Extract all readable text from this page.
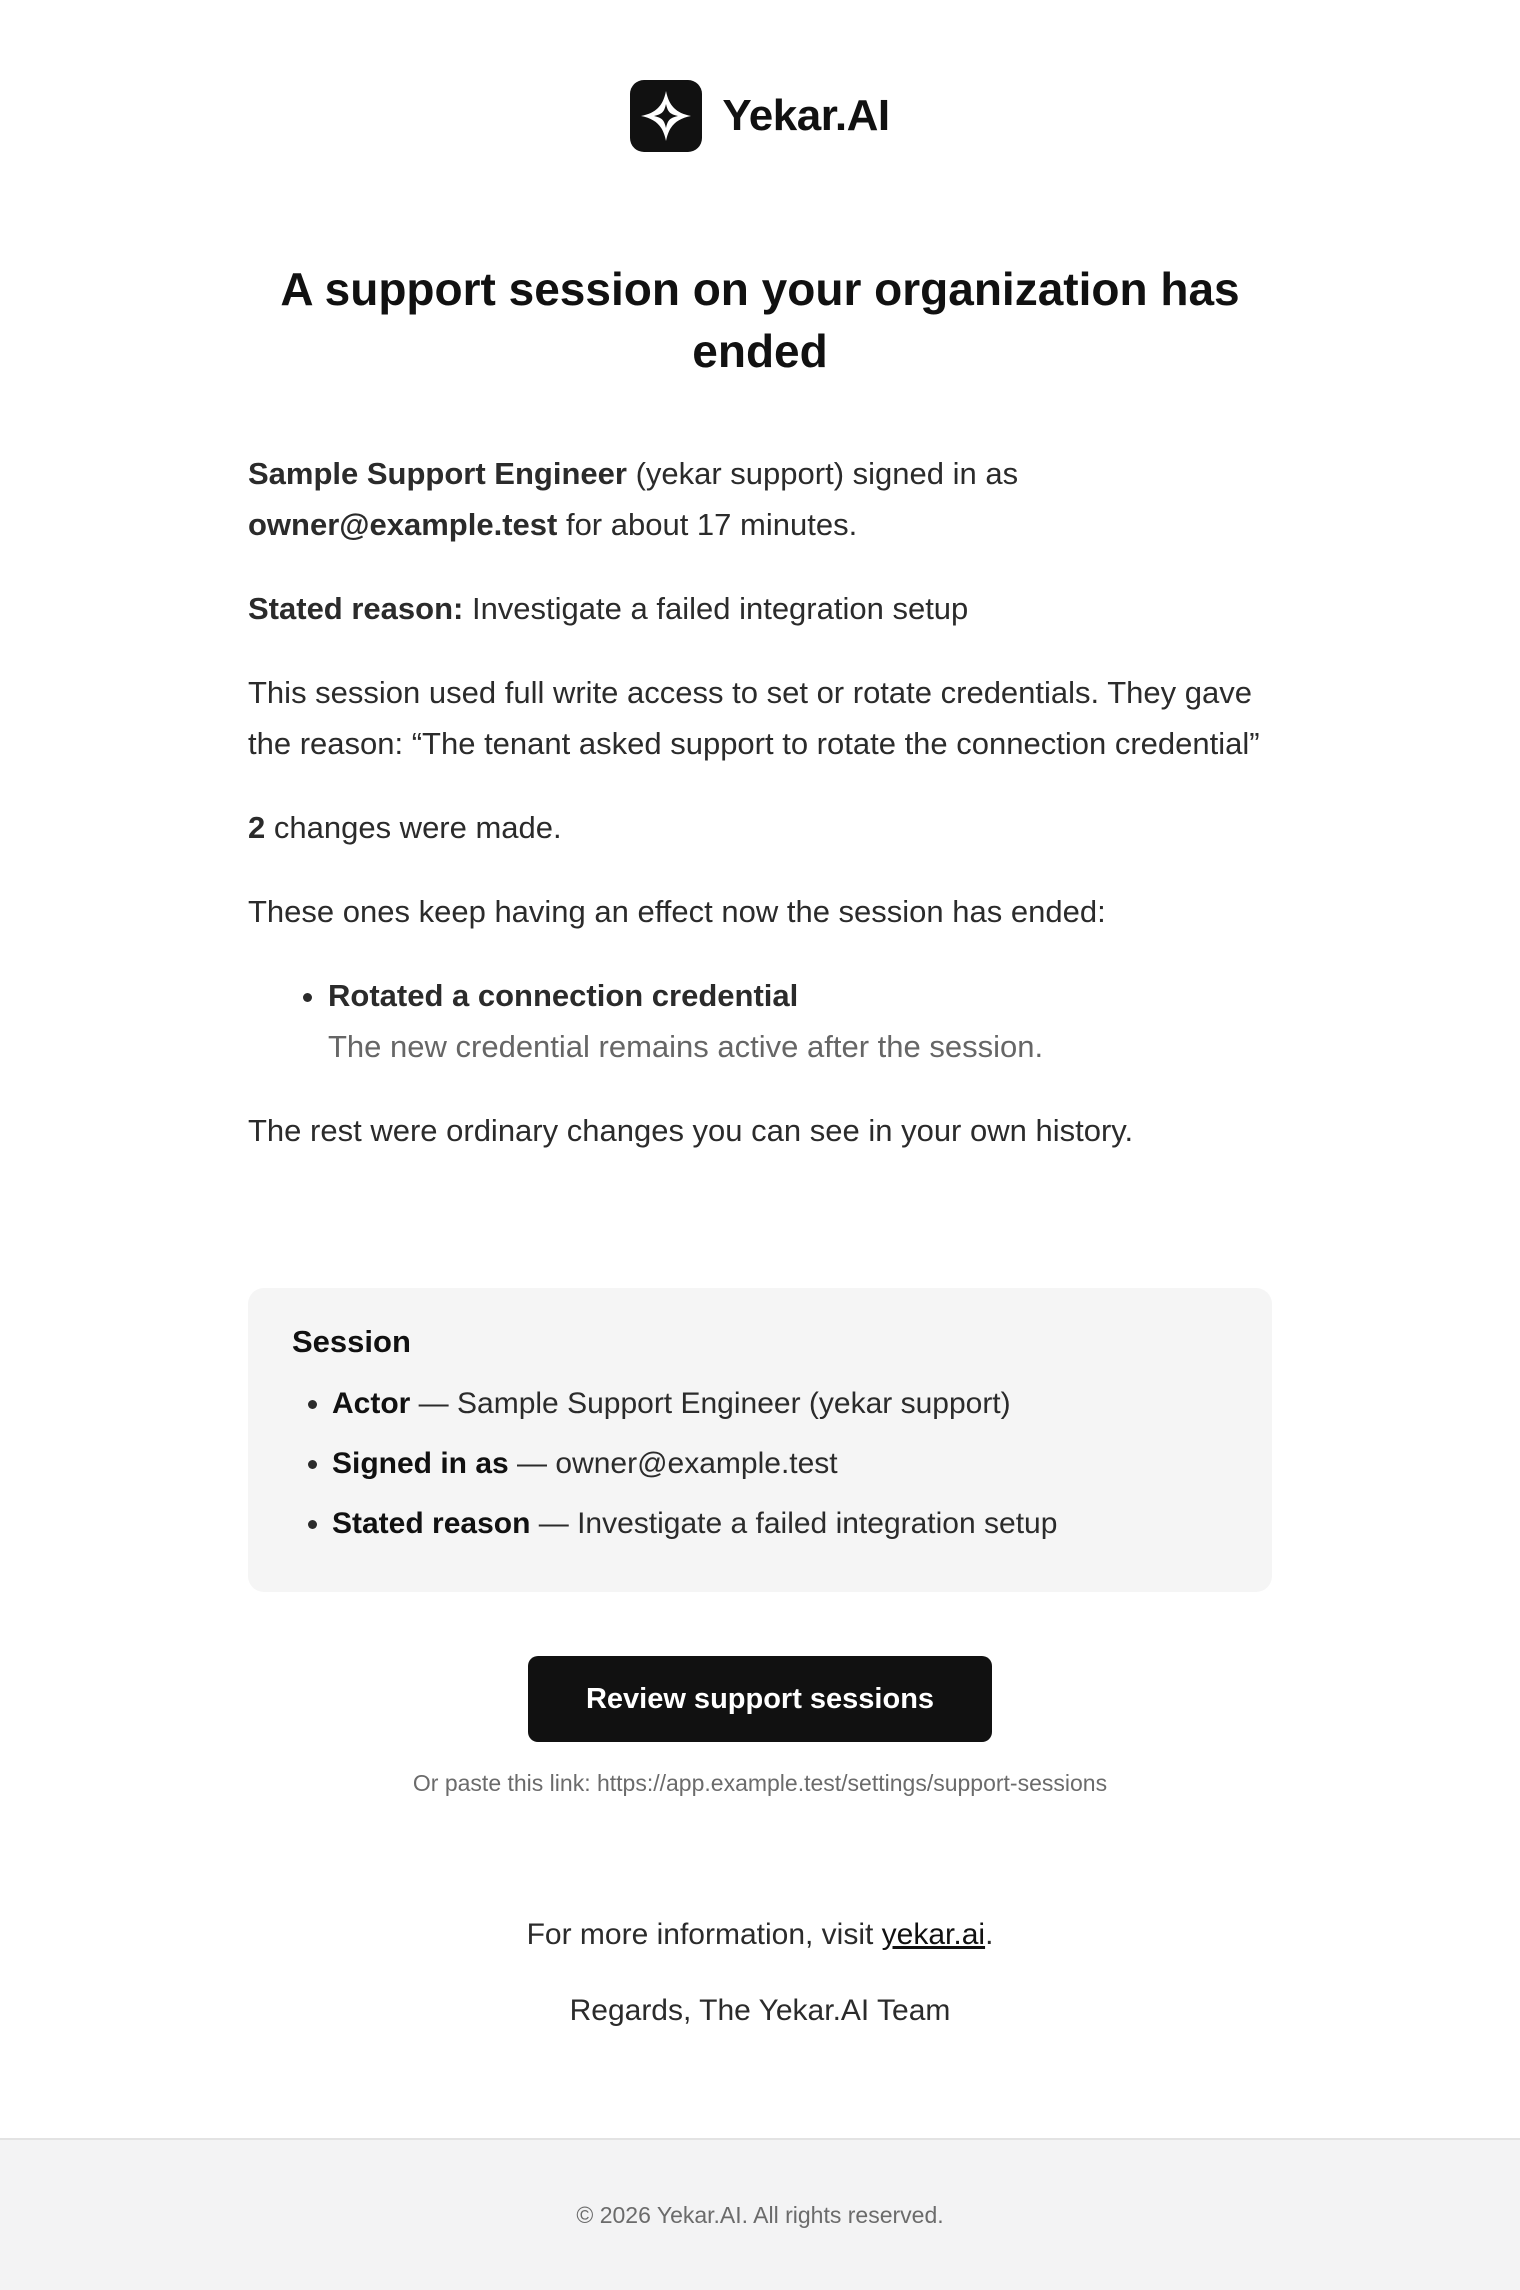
Yekar.AI
A support session on your organization has ended

Sample Support Engineer (yekar support) signed in as
owner@example.test for about 17 minutes.

Stated reason: Investigate a failed integration setup

This session used full write access to set or rotate credentials. They gave the reason: “The tenant asked support to rotate the connection credential”

2 changes were made.

These ones keep having an effect now the session has ended:

• Rotated a connection credential
The new credential remains active after the session.

The rest were ordinary changes you can see in your own history.

Session
• Actor — Sample Support Engineer (yekar support)
• Signed in as — owner@example.test
• Stated reason — Investigate a failed integration setup
Review support sessions
Or paste this link: https://app.example.test/settings/support-sessions
For more information, visit yekar.ai.
Regards, The Yekar.AI Team
© 2026 Yekar.AI. All rights reserved.
